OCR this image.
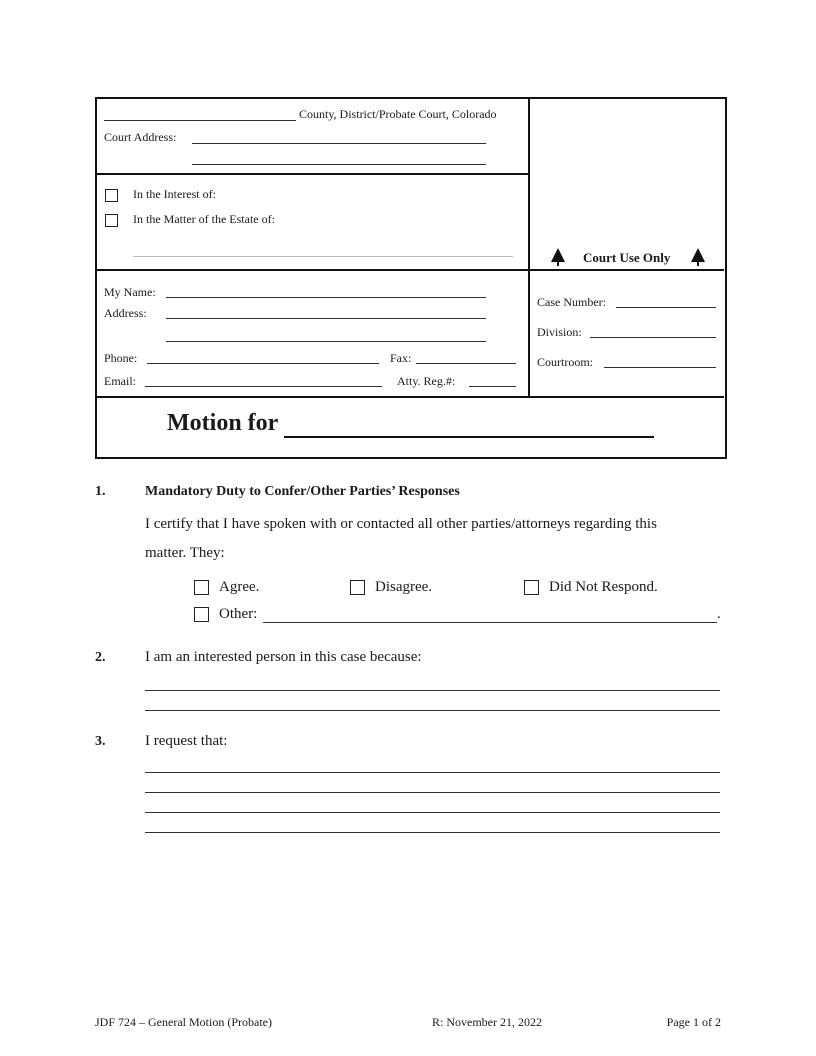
County, District/Probate Court, Colorado
Court Address:
In the Interest of:
In the Matter of the Estate of:
Court Use Only
My Name:
Address:
Phone:	Fax:
Email:	Atty. Reg.#:
Case Number:
Division:
Courtroom:
Motion for
1.	Mandatory Duty to Confer/Other Parties’ Responses
I certify that I have spoken with or contacted all other parties/attorneys regarding this
matter. They:
Agree.	Disagree.	Did Not Respond.
Other:	.
2.	I am an interested person in this case because:
3.	I request that:
JDF 724 – General Motion (Probate)	R: November 21, 2022	Page 1 of 2
